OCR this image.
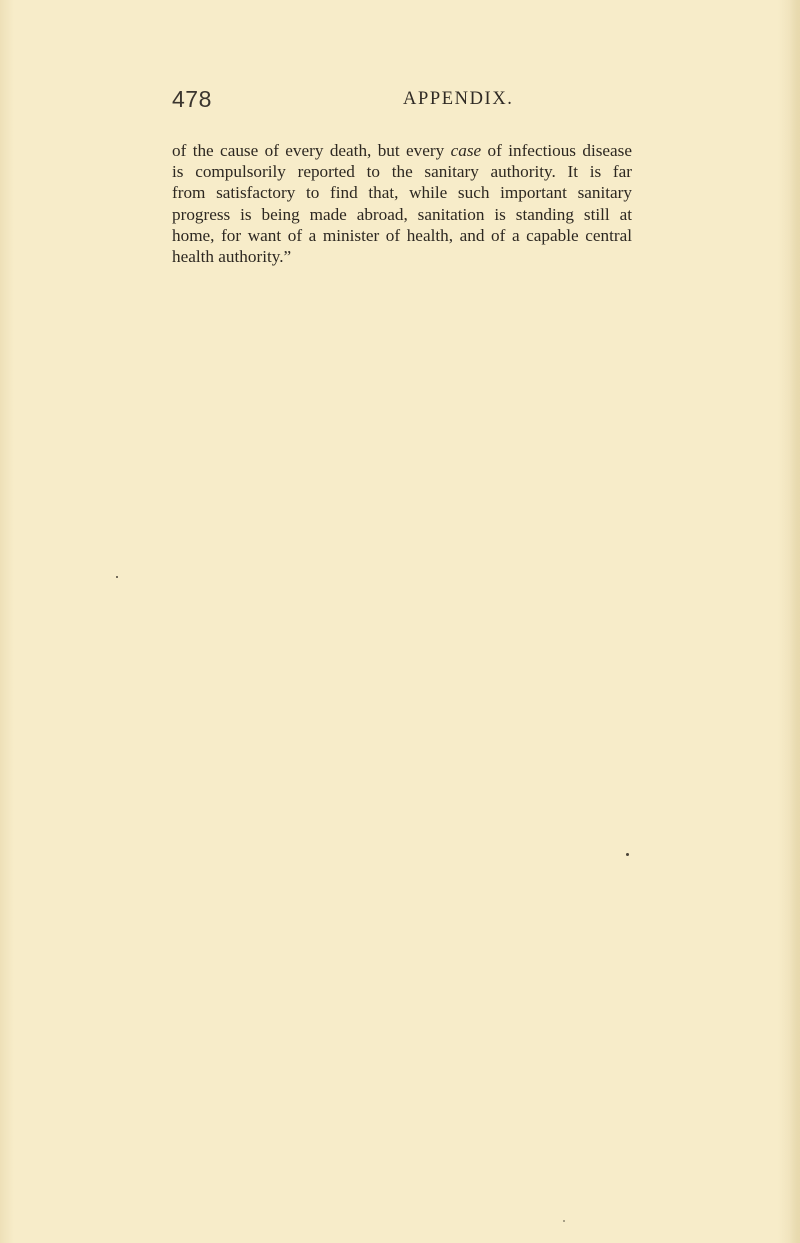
478	APPENDIX.

of the cause of every death, but every case of infectious disease
is compulsorily reported to the sanitary authority. It is far
from satisfactory to find that, while such important sanitary
progress is being made abroad, sanitation is standing still at
home, for want of a minister of health, and of a capable central
health authority.”
